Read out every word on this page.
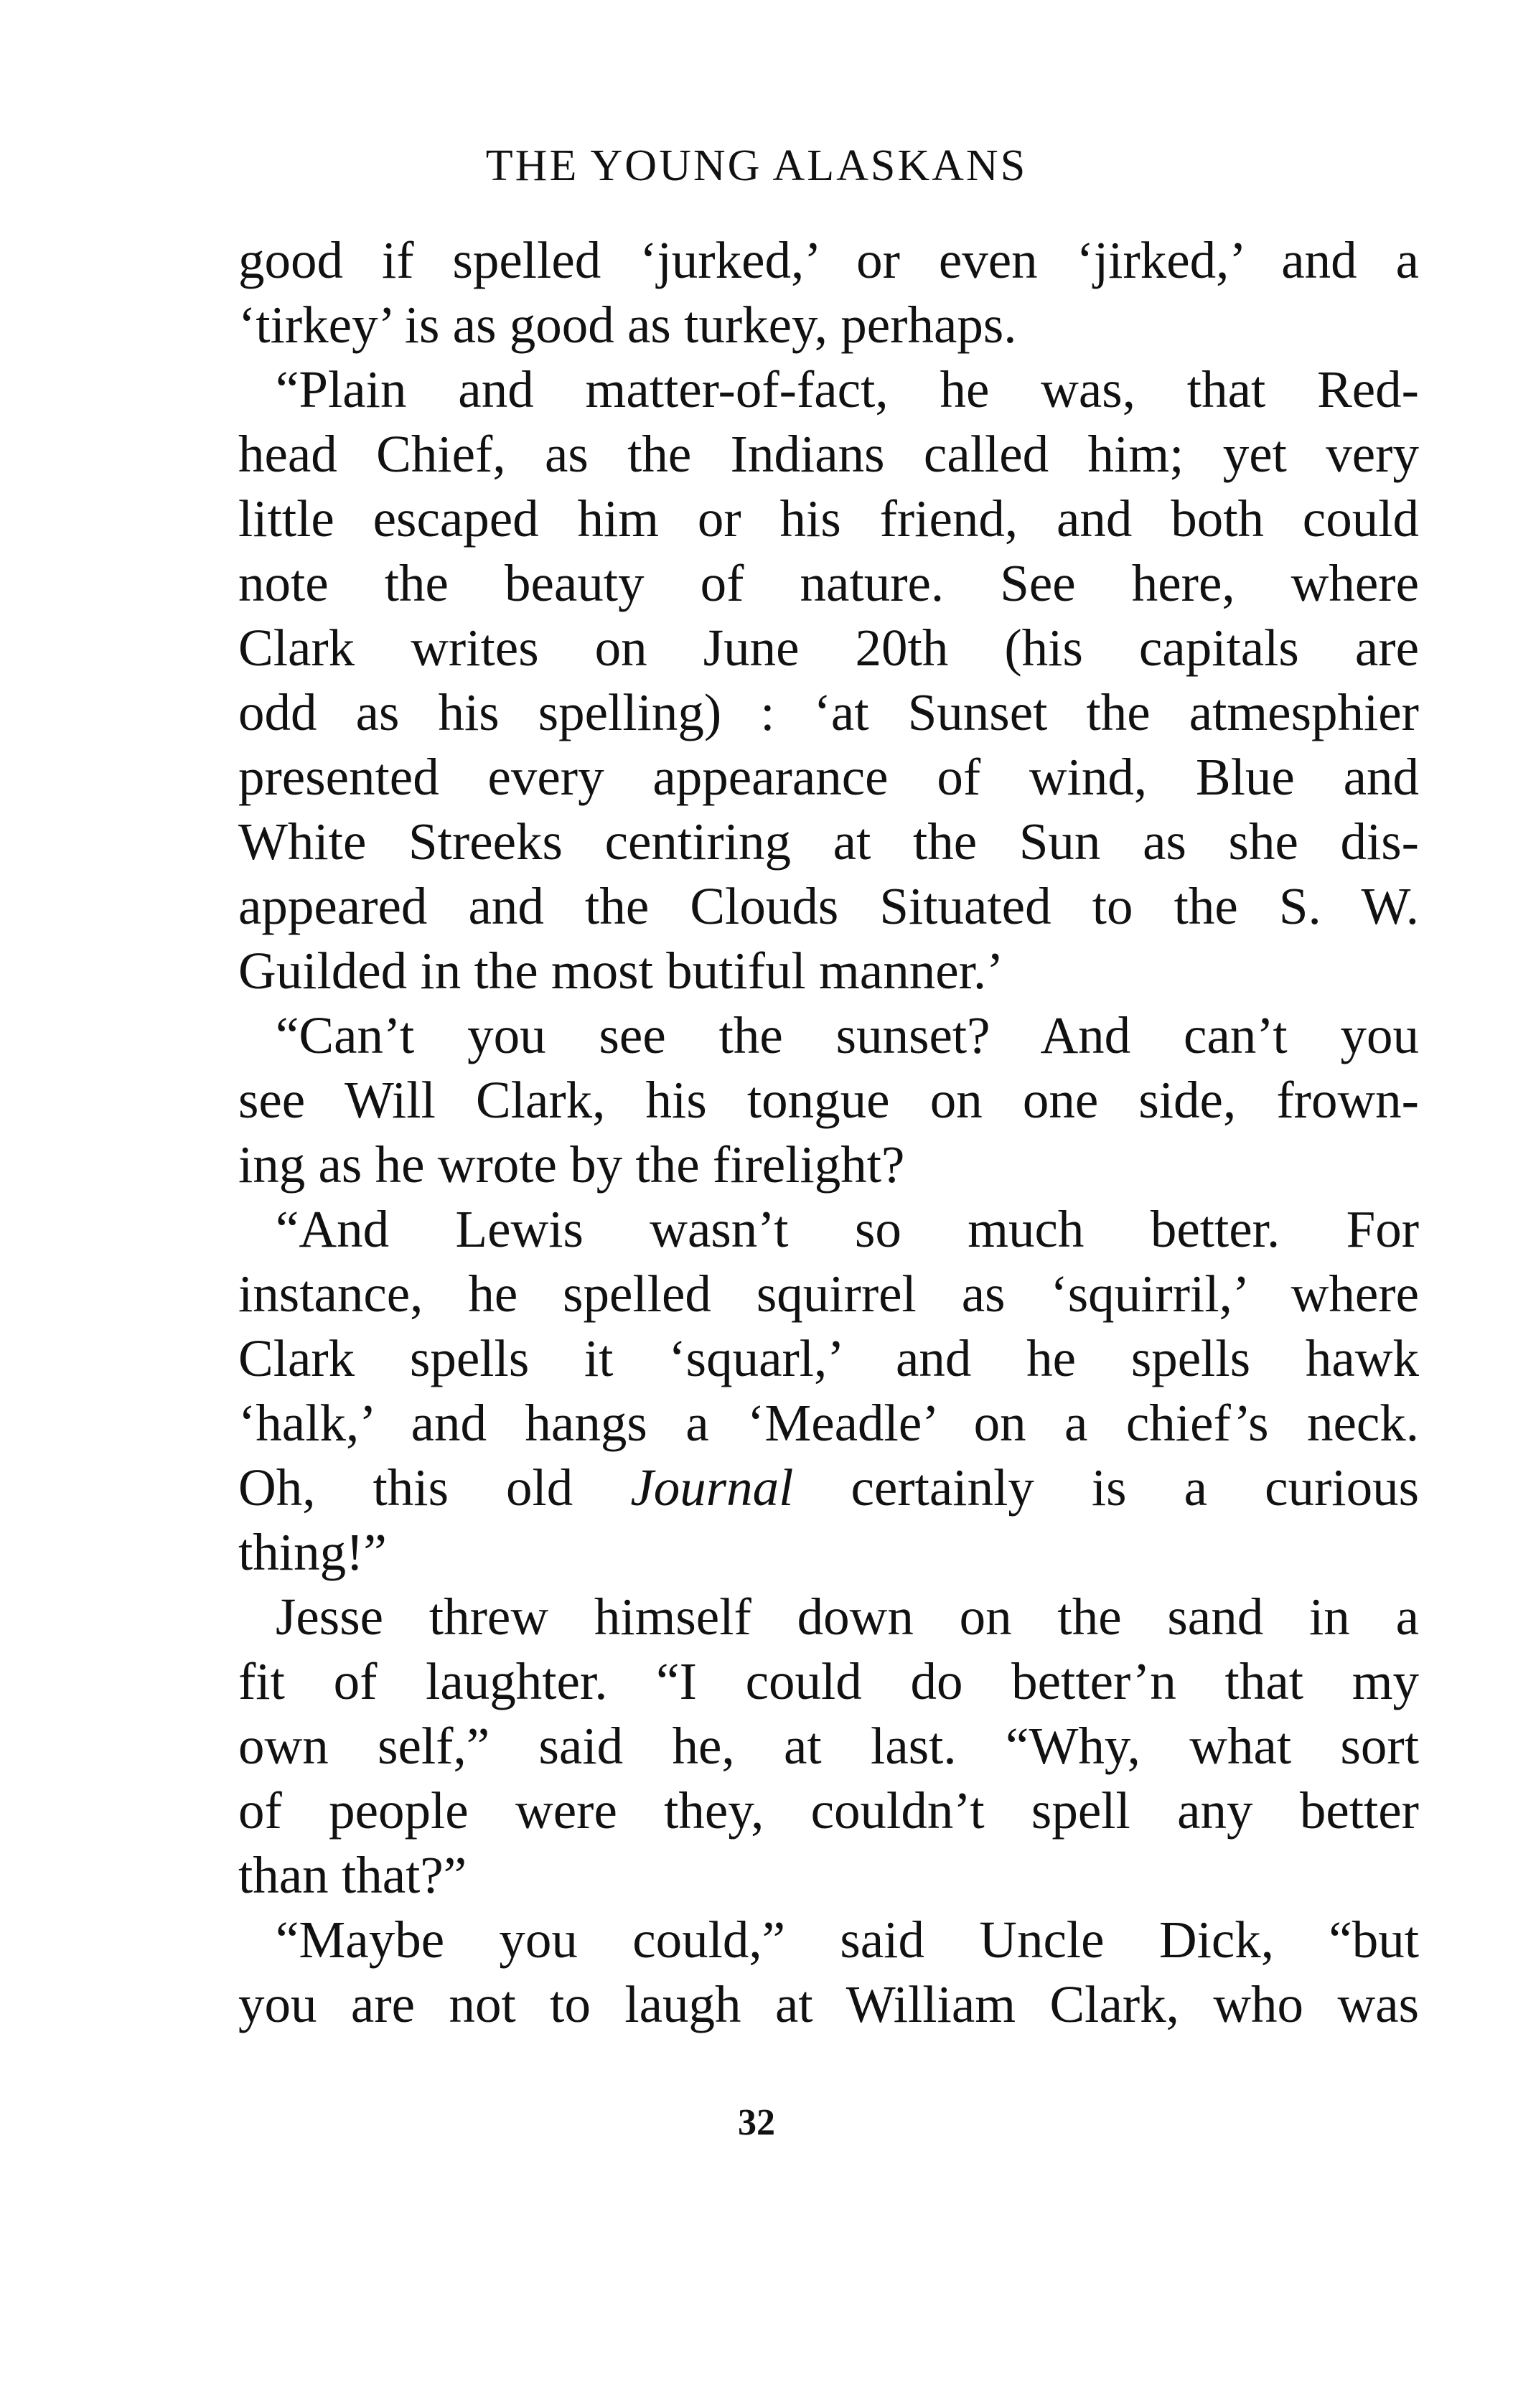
THE YOUNG ALASKANS

good if spelled ‘jurked,’ or even ‘jirked,’ and a
‘tirkey’ is as good as turkey, perhaps.

“Plain and matter-of-fact, he was, that Red-
head Chief, as the Indians called him; yet very
little escaped him or his friend, and both could
note the beauty of nature. See here, where
Clark writes on June 20th (his capitals are
odd as his spelling) : ‘at Sunset the atmesphier
presented every appearance of wind, Blue and
White Streeks centiring at the Sun as she dis-
appeared and the Clouds Situated to the S. W.
Guilded in the most butiful manner.’

“Can’t you see the sunset? And can’t you
see Will Clark, his tongue on one side, frown-
ing as he wrote by the firelight?

“And Lewis wasn’t so much better. For
instance, he spelled squirrel as ‘squirril,’ where
Clark spells it ‘squarl,’ and he spells hawk
‘halk,’ and hangs a ‘Meadle’ on a chief’s neck.
Oh, this old Journal certainly is a curious
thing!”

Jesse threw himself down on the sand in a
fit of laughter. “I could do better’n that my
own self,” said he, at last. “Why, what sort
of people were they, couldn’t spell any better
than that?”

“Maybe you could,” said Uncle Dick, “but
you are not to laugh at William Clark, who was

32
